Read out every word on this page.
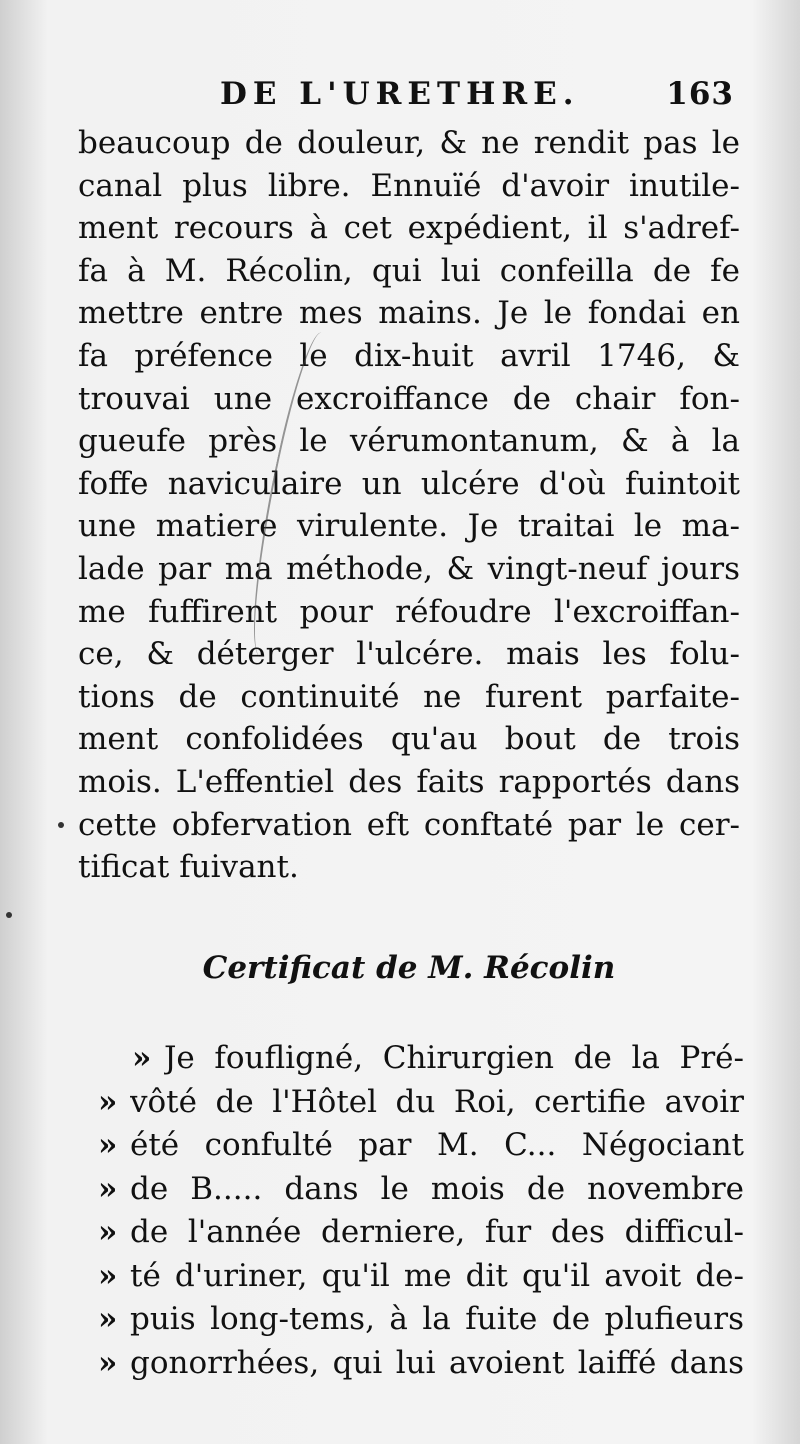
DE L'URETHRE.	163
beaucoup de douleur, & ne rendit pas le
canal plus libre. Ennuïé d'avoir inutile-
ment recours à cet expédient, il s'adref-
fa à M. Récolin, qui lui confeilla de fe
mettre entre mes mains. Je le fondai en
fa préfence le dix-huit avril 1746, &
trouvai une excroiffance de chair fon-
gueufe près le vérumontanum, & à la
foffe naviculaire un ulcére d'où fuintoit
une matiere virulente. Je traitai le ma-
lade par ma méthode, & vingt-neuf jours
me fuffirent pour réfoudre l'excroiffan-
ce, & déterger l'ulcére. mais les folu-
tions de continuité ne furent parfaite-
ment confolidées qu'au bout de trois
mois. L'effentiel des faits rapportés dans
cette obfervation eft conftaté par le cer-
tificat fuivant.
Certificat de M. Récolin
» Je foufligné, Chirurgien de la Pré-
» vôté de l'Hôtel du Roi, certifie avoir
» été confulté par M. C... Négociant
» de B..... dans le mois de novembre
» de l'année derniere, fur des difficul-
» té d'uriner, qu'il me dit qu'il avoit de-
» puis long-tems, à la fuite de plufieurs
» gonorrhées, qui lui avoient laiffé dans
